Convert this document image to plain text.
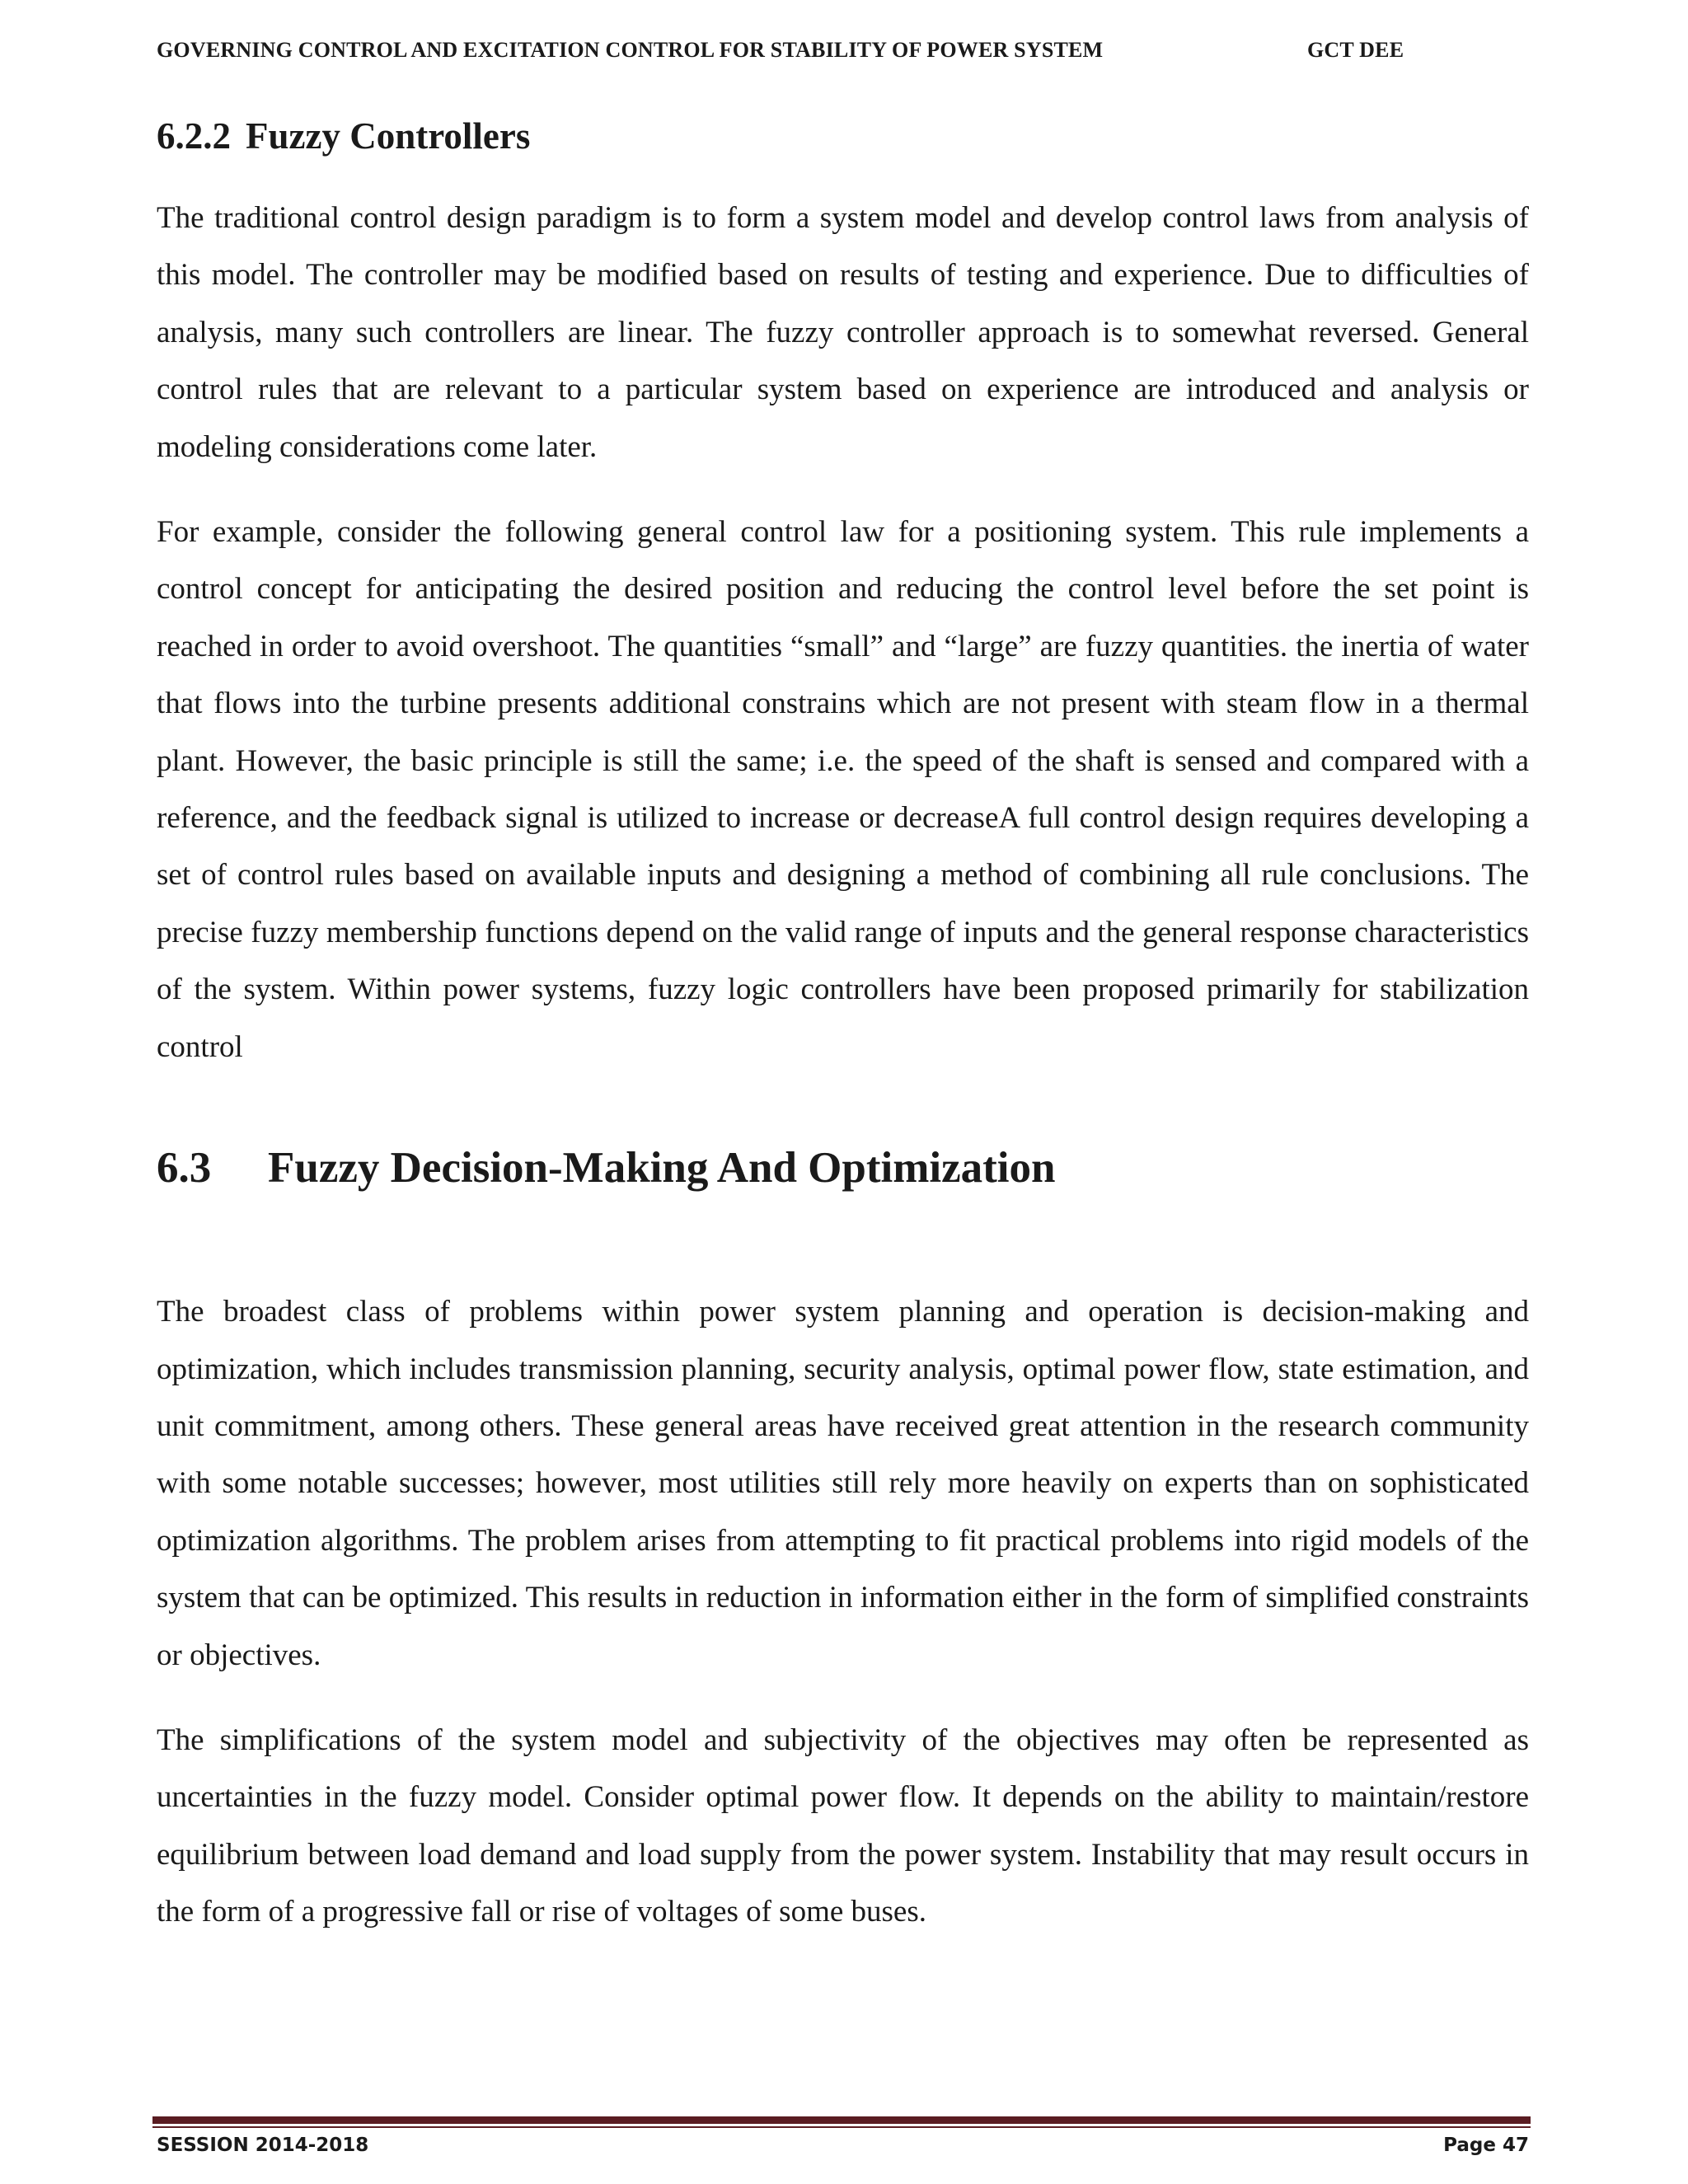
GOVERNING CONTROL AND EXCITATION CONTROL FOR STABILITY OF POWER SYSTEM	GCT DEE
6.2.2 Fuzzy Controllers

The traditional control design paradigm is to form a system model and develop control laws from analysis of this model. The controller may be modified based on results of testing and experience. Due to difficulties of analysis, many such controllers are linear. The fuzzy controller approach is to somewhat reversed. General control rules that are relevant to a particular system based on experience are introduced and analysis or modeling considerations come later.

For example, consider the following general control law for a positioning system. This rule implements a control concept for anticipating the desired position and reducing the control level before the set point is reached in order to avoid overshoot. The quantities “small” and “large” are fuzzy quantities. the inertia of water that flows into the turbine presents additional constrains which are not present with steam flow in a thermal plant. However, the basic principle is still the same; i.e. the speed of the shaft is sensed and compared with a reference, and the feedback signal is utilized to increase or decreaseA full control design requires developing a set of control rules based on available inputs and designing a method of combining all rule conclusions. The precise fuzzy membership functions depend on the valid range of inputs and the general response characteristics of the system. Within power systems, fuzzy logic controllers have been proposed primarily for stabilization control

6.3 Fuzzy Decision-Making And Optimization

The broadest class of problems within power system planning and operation is decision-making and optimization, which includes transmission planning, security analysis, optimal power flow, state estimation, and unit commitment, among others. These general areas have received great attention in the research community with some notable successes; however, most utilities still rely more heavily on experts than on sophisticated optimization algorithms. The problem arises from attempting to fit practical problems into rigid models of the system that can be optimized. This results in reduction in information either in the form of simplified constraints or objectives.

The simplifications of the system model and subjectivity of the objectives may often be represented as uncertainties in the fuzzy model. Consider optimal power flow. It depends on the ability to maintain/restore equilibrium between load demand and load supply from the power system. Instability that may result occurs in the form of a progressive fall or rise of voltages of some buses.

SESSION 2014-2018	Page 47
